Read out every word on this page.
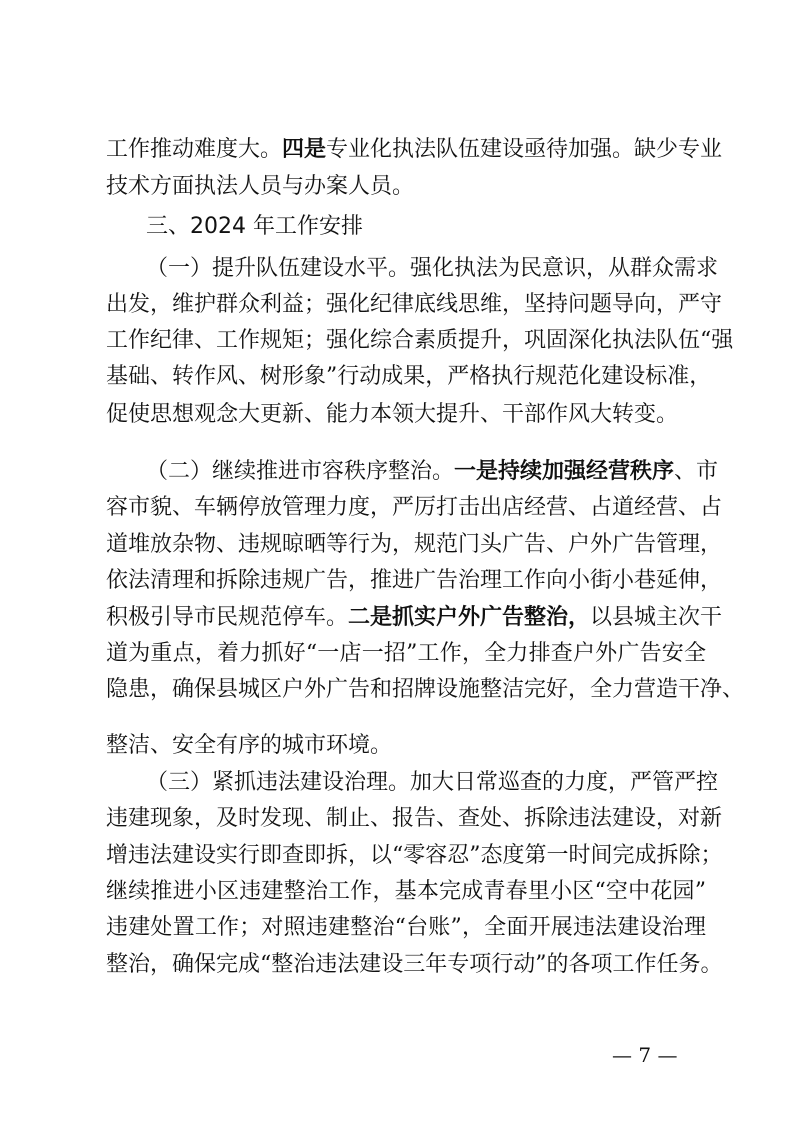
工作推动难度大。四是专业化执法队伍建设亟待加强。缺少专业
技术方面执法人员与办案人员。
三、2024 年工作安排
（一）提升队伍建设水平。强化执法为民意识，从群众需求
出发，维护群众利益；强化纪律底线思维，坚持问题导向，严守
工作纪律、工作规矩；强化综合素质提升，巩固深化执法队伍“强
基础、转作风、树形象”行动成果，严格执行规范化建设标准，
促使思想观念大更新、能力本领大提升、干部作风大转变。
（二）继续推进市容秩序整治。一是持续加强经营秩序、市
容市貌、车辆停放管理力度，严厉打击出店经营、占道经营、占
道堆放杂物、违规晾晒等行为，规范门头广告、户外广告管理，
依法清理和拆除违规广告，推进广告治理工作向小街小巷延伸，
积极引导市民规范停车。二是抓实户外广告整治，以县城主次干
道为重点，着力抓好“一店一招”工作，全力排查户外广告安全
隐患，确保县城区户外广告和招牌设施整洁完好，全力营造干净、
整洁、安全有序的城市环境。
（三）紧抓违法建设治理。加大日常巡查的力度，严管严控
违建现象，及时发现、制止、报告、查处、拆除违法建设，对新
增违法建设实行即查即拆，以“零容忍”态度第一时间完成拆除；
继续推进小区违建整治工作，基本完成青春里小区“空中花园”
违建处置工作；对照违建整治“台账”，全面开展违法建设治理
整治，确保完成“整治违法建设三年专项行动”的各项工作任务。
— 7 —
